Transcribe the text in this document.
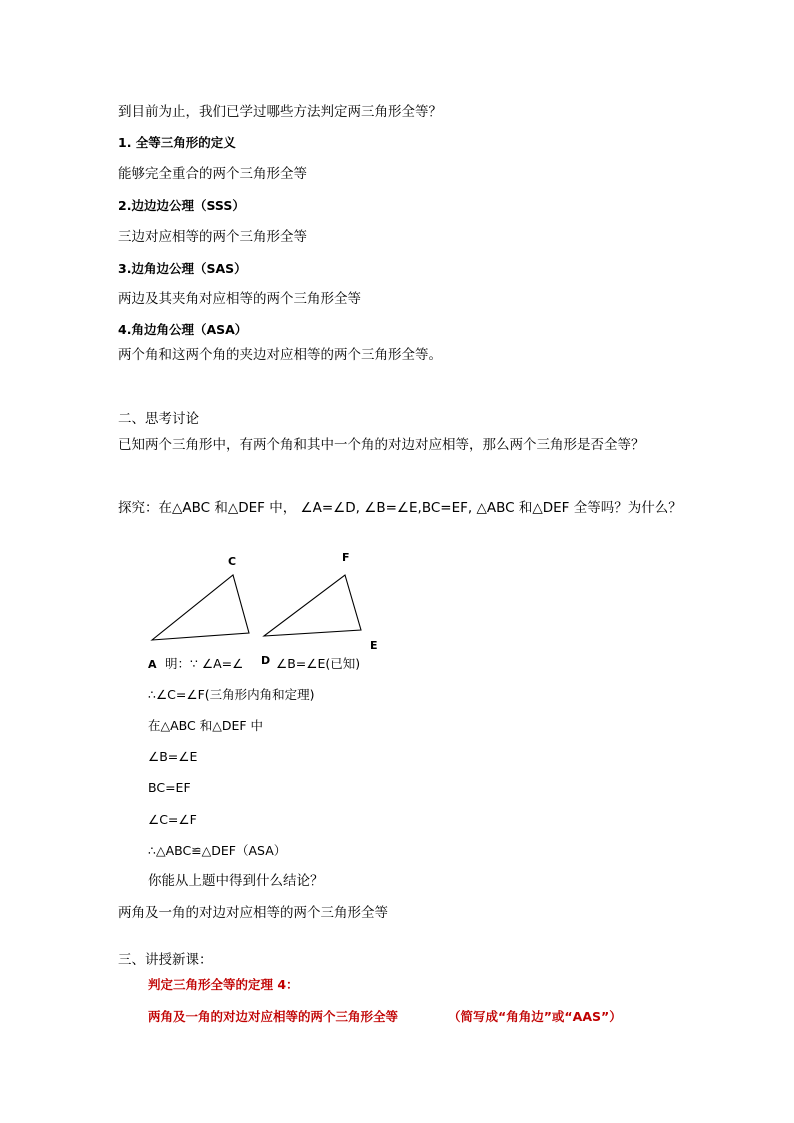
到目前为止，我们已学过哪些方法判定两三角形全等？
1. 全等三角形的定义
能够完全重合的两个三角形全等
2.边边边公理（SSS）
三边对应相等的两个三角形全等
3.边角边公理（SAS）
两边及其夹角对应相等的两个三角形全等
4.角边角公理（ASA）
两个角和这两个角的夹边对应相等的两个三角形全等。
二、思考讨论
已知两个三角形中，有两个角和其中一个角的对边对应相等，那么两个三角形是否全等？
探究：在△ABC 和△DEF 中， ∠A=∠D, ∠B=∠E,BC=EF, △ABC 和△DEF 全等吗？为什么？
C	F
E
A	D
明：∵ ∠A=∠	∠B=∠E(已知)
∴∠C=∠F(三角形内角和定理)
在△ABC 和△DEF 中
∠B=∠E
BC=EF
∠C=∠F
∴△ABC≌△DEF（ASA）
你能从上题中得到什么结论？
两角及一角的对边对应相等的两个三角形全等
三、讲授新课：
判定三角形全等的定理 4：
两角及一角的对边对应相等的两个三角形全等	（简写成“角角边”或“AAS”）
